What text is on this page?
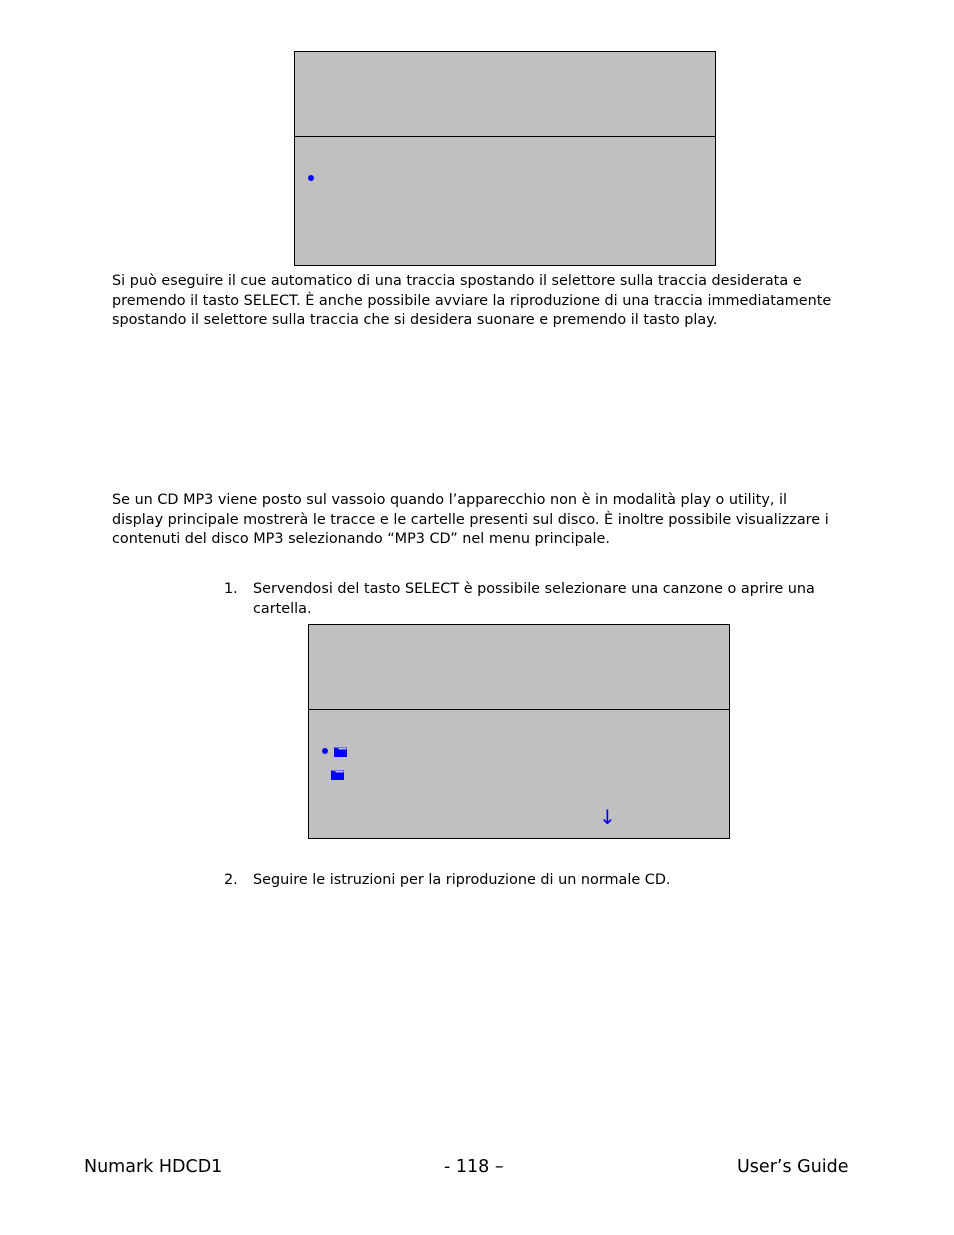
Si può eseguire il cue automatico di una traccia spostando il selettore sulla traccia desiderata e
premendo il tasto SELECT. È anche possibile avviare la riproduzione di una traccia immediatamente
spostando il selettore sulla traccia che si desidera suonare e premendo il tasto play.

Se un CD MP3 viene posto sul vassoio quando l’apparecchio non è in modalità play o utility, il
display principale mostrerà le tracce e le cartelle presenti sul disco. È inoltre possibile visualizzare i
contenuti del disco MP3 selezionando “MP3 CD” nel menu principale.

1. Servendosi del tasto SELECT è possibile selezionare una canzone o aprire una
cartella.
↓
2. Seguire le istruzioni per la riproduzione di un normale CD.
Numark HDCD1	- 118 –	User’s Guide
